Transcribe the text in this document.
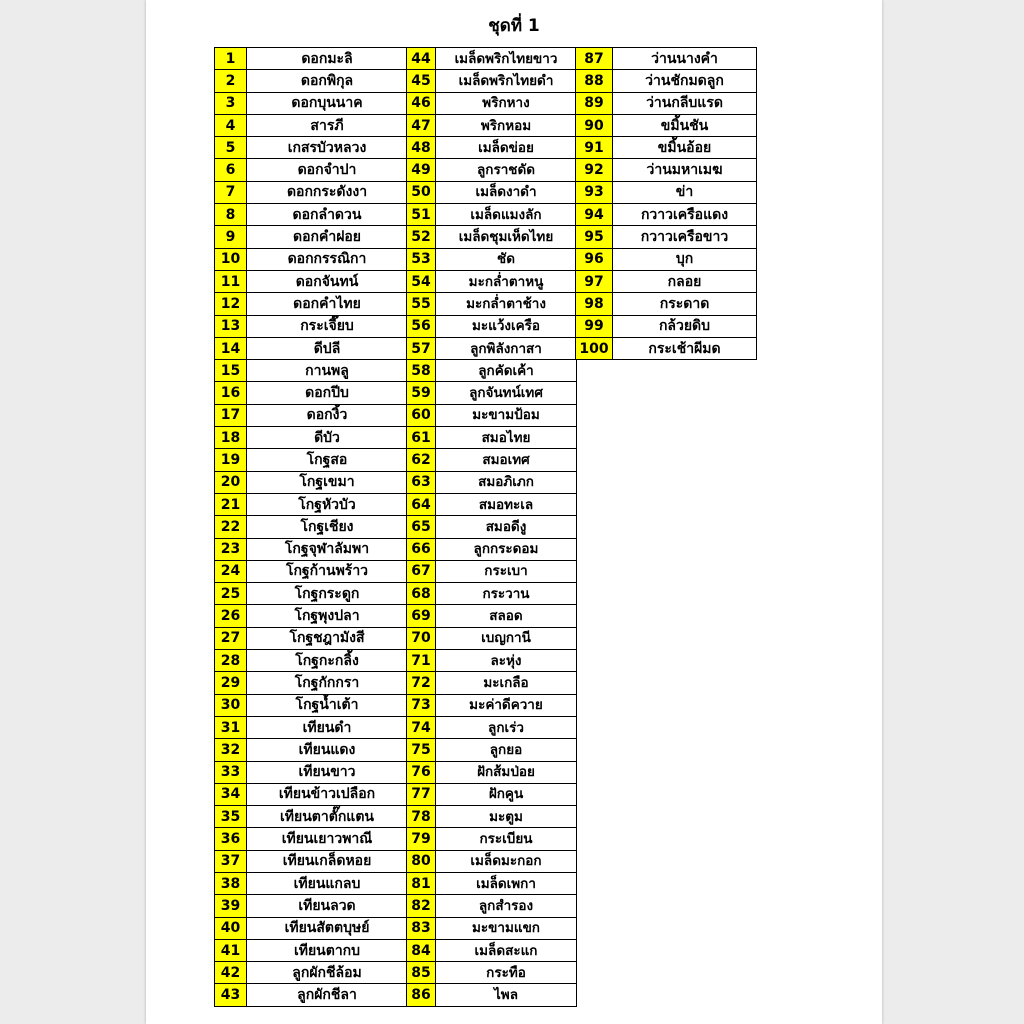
ชุดที่ 1
1	ดอกมะลิ
2	ดอกพิกุล
3	ดอกบุนนาค
4	สารภี
5	เกสรบัวหลวง
6	ดอกจำปา
7	ดอกกระดังงา
8	ดอกลำดวน
9	ดอกคำฝอย
10	ดอกกรรณิกา
11	ดอกจันทน์
12	ดอกคำไทย
13	กระเจี๊ยบ
14	ดีปลี
15	กานพลู
16	ดอกปีบ
17	ดอกงิ้ว
18	ดีบัว
19	โกฐสอ
20	โกฐเขมา
21	โกฐหัวบัว
22	โกฐเชียง
23	โกฐจุฬาลัมพา
24	โกฐก้านพร้าว
25	โกฐกระดูก
26	โกฐพุงปลา
27	โกฐชฎามังสี
28	โกฐกะกลิ้ง
29	โกฐกักกรา
30	โกฐน้ำเต้า
31	เทียนดำ
32	เทียนแดง
33	เทียนขาว
34	เทียนข้าวเปลือก
35	เทียนตาตั๊กแตน
36	เทียนเยาวพาณี
37	เทียนเกล็ดหอย
38	เทียนแกลบ
39	เทียนลวด
40	เทียนสัตตบุษย์
41	เทียนตากบ
42	ลูกผักชีล้อม
43	ลูกผักชีลา
44	เมล็ดพริกไทยขาว
45	เมล็ดพริกไทยดำ
46	พริกหาง
47	พริกหอม
48	เมล็ดข่อย
49	ลูกราชดัด
50	เมล็ดงาดำ
51	เมล็ดแมงลัก
52	เมล็ดชุมเห็ดไทย
53	ชัด
54	มะกล่ำตาหนู
55	มะกล่ำตาช้าง
56	มะแว้งเครือ
57	ลูกพิลังกาสา
58	ลูกคัดเค้า
59	ลูกจันทน์เทศ
60	มะขามป้อม
61	สมอไทย
62	สมอเทศ
63	สมอภิเภก
64	สมอทะเล
65	สมอดีงู
66	ลูกกระดอม
67	กระเบา
68	กระวาน
69	สลอด
70	เบญกานี
71	ละหุ่ง
72	มะเกลือ
73	มะค่าดีควาย
74	ลูกเร่ว
75	ลูกยอ
76	ฝักส้มป่อย
77	ฝักคูน
78	มะตูม
79	กระเบียน
80	เมล็ดมะกอก
81	เมล็ดเพกา
82	ลูกสำรอง
83	มะขามแขก
84	เมล็ดสะแก
85	กระทือ
86	ไพล
87	ว่านนางคำ
88	ว่านชักมดลูก
89	ว่านกลีบแรด
90	ขมิ้นชัน
91	ขมิ้นอ้อย
92	ว่านมหาเมฆ
93	ข่า
94	กวาวเครือแดง
95	กวาวเครือขาว
96	บุก
97	กลอย
98	กระดาด
99	กล้วยดิบ
100	กระเช้าผีมด
